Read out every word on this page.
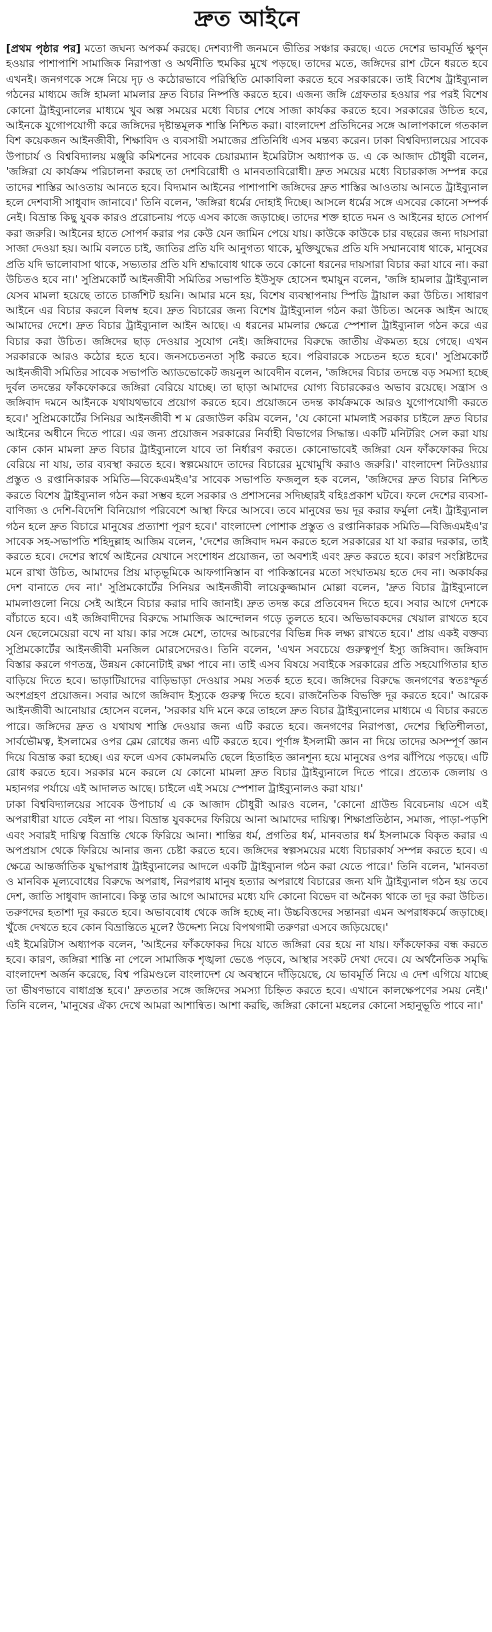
দ্রুত আইনে

[প্রথম পৃষ্ঠার পর] মতো জঘন্য অপকর্ম করছে। দেশব্যাপী জনমনে ভীতির সঞ্চার করছে। এতে দেশের ভাবমূর্তি ক্ষুণ্ন হওয়ার পাশাপাশি সামাজিক নিরাপত্তা ও অর্থনীতি হুমকির মুখে পড়ছে। তাদের মতে, জঙ্গিদের রাশ টেনে ধরতে হবে এখনই। জনগণকে সঙ্গে নিয়ে দৃঢ় ও কঠোরভাবে পরিস্থিতি মোকাবিলা করতে হবে সরকারকে। তাই বিশেষ ট্রাইব্যুনাল গঠনের মাধ্যমে জঙ্গি হামলা মামলার দ্রুত বিচার নিষ্পত্তি করতে হবে। এজন্য জঙ্গি গ্রেফতার হওয়ার পর পরই বিশেষ কোনো ট্রাইব্যুনালের মাধ্যমে খুব অল্প সময়ের মধ্যে বিচার শেষে সাজা কার্যকর করতে হবে। সরকারের উচিত হবে, আইনকে যুগোপযোগী করে জঙ্গিদের দৃষ্টান্তমূলক শাস্তি নিশ্চিত করা। বাংলাদেশ প্রতিদিনের সঙ্গে আলাপকালে গতকাল বিশ কয়েকজন আইনজীবী, শিক্ষাবিদ ও ব্যবসায়ী সমাজের প্রতিনিধি এসব মন্তব্য করেন। ঢাকা বিশ্ববিদ্যালয়ের সাবেক উপাচার্য ও বিশ্ববিদ্যালয় মঞ্জুরি কমিশনের সাবেক চেয়ারম্যান ইমেরিটাস অধ্যাপক ড. এ কে আজাদ চৌধুরী বলেন, 'জঙ্গিরা যে কার্যক্রম পরিচালনা করছে তা দেশবিরোধী ও মানবতাবিরোধী। দ্রুত সময়ের মধ্যে বিচারকাজ সম্পন্ন করে তাদের শাস্তির আওতায় আনতে হবে। বিদ্যমান আইনের পাশাপাশি জঙ্গিদের দ্রুত শাস্তির আওতায় আনতে ট্রাইব্যুনাল হলে দেশবাসী সাধুবাদ জানাবে।' তিনি বলেন, 'জঙ্গিরা ধর্মের দোহাই দিচ্ছে। আসলে ধর্মের সঙ্গে এসবের কোনো সম্পর্ক নেই। বিভ্রান্ত কিছু যুবক কারও প্ররোচনায় পড়ে এসব কাজে জড়াচ্ছে। তাদের শক্ত হাতে দমন ও আইনের হাতে সোপর্দ করা জরুরি। আইনের হাতে সোপর্দ করার পর কেউ যেন জামিন পেয়ে যায়। কাউকে কাউকে চার বছরের জন্য দায়সারা সাজা দেওয়া হয়। আমি বলতে চাই, জাতির প্রতি যদি আনুগত্য থাকে, মুক্তিযুদ্ধের প্রতি যদি সম্মানবোধ থাকে, মানুষের প্রতি যদি ভালোবাসা থাকে, সভ্যতার প্রতি যদি শ্রদ্ধাবোধ থাকে তবে কোনো ধরনের দায়সারা বিচার করা যাবে না। করা উচিতও হবে না।' সুপ্রিমকোর্ট আইনজীবী সমিতির সভাপতি ইউসুফ হোসেন হুমায়ুন বলেন, 'জঙ্গি হামলার ট্রাইব্যুনাল যেসব মামলা হয়েছে তাতে চার্জশিট হয়নি। আমার মনে হয়, বিশেষ ব্যবস্থাপনায় স্পিডি ট্রায়াল করা উচিত। সাধারণ আইনে এর বিচার করলে বিলম্ব হবে। দ্রুত বিচারের জন্য বিশেষ ট্রাইব্যুনাল গঠন করা উচিত। অনেক আইন আছে আমাদের দেশে। দ্রুত বিচার ট্রাইব্যুনাল আইন আছে। এ ধরনের মামলার ক্ষেত্রে স্পেশাল ট্রাইব্যুনাল গঠন করে এর বিচার করা উচিত। জঙ্গিদের ছাড় দেওয়ার সুযোগ নেই। জঙ্গিবাদের বিরুদ্ধে জাতীয় ঐকমত্য হয়ে গেছে। এখন সরকারকে আরও কঠোর হতে হবে। জনসচেতনতা সৃষ্টি করতে হবে। পরিবারকে সচেতন হতে হবে।' সুপ্রিমকোর্ট আইনজীবী সমিতির সাবেক সভাপতি অ্যাডভোকেট জয়নুল আবেদীন বলেন, 'জঙ্গিদের বিচার তদন্তে বড় সমস্যা হচ্ছে দুর্বল তদন্তের ফাঁকফোকরে জঙ্গিরা বেরিয়ে যাচ্ছে। তা ছাড়া আমাদের যোগ্য বিচারকেরও অভাব রয়েছে। সন্ত্রাস ও জঙ্গিবাদ দমনে আইনকে যথাযথভাবে প্রয়োগ করতে হবে। প্রয়োজনে তদন্ত কার্যক্রমকে আরও যুগোপযোগী করতে হবে।' সুপ্রিমকোর্টের সিনিয়র আইনজীবী শ ম রেজাউল করিম বলেন, 'যে কোনো মামলাই সরকার চাইলে দ্রুত বিচার আইনের অধীনে দিতে পারে। এর জন্য প্রয়োজন সরকারের নির্বাহী বিভাগের সিদ্ধান্ত। একটি মনিটরিং সেল করা যায় কোন কোন মামলা দ্রুত বিচার ট্রাইব্যুনালে যাবে তা নির্ধারণ করতে। কোনোভাবেই জঙ্গিরা যেন ফাঁকফোকর দিয়ে বেরিয়ে না যায়, তার ব্যবস্থা করতে হবে। স্বল্পমেয়াদে তাদের বিচারের মুখোমুখি করাও জরুরি।' বাংলাদেশ নিটওয়্যার প্রস্তুত ও রপ্তানিকারক সমিতি—বিকেএমইএ'র সাবেক সভাপতি ফজলুল হক বলেন, 'জঙ্গিদের দ্রুত বিচার নিশ্চিত করতে বিশেষ ট্রাইব্যুনাল গঠন করা সম্ভব হলে সরকার ও প্রশাসনের সদিচ্ছারই বহিঃপ্রকাশ ঘটবে। ফলে দেশের ব্যবসা-বাণিজ্য ও দেশি-বিদেশি বিনিয়োগ পরিবেশে আস্থা ফিরে আসবে। তবে মানুষের ভয় দূর করার ফর্মুলা নেই। ট্রাইব্যুনাল গঠন হলে দ্রুত বিচারে মানুষের প্রত্যাশা পূরণ হবে।' বাংলাদেশ পোশাক প্রস্তুত ও রপ্তানিকারক সমিতি—বিজিএমইএ'র সাবেক সহ-সভাপতি শহিদুল্লাহ আজিম বলেন, 'দেশের জঙ্গিবাদ দমন করতে হলে সরকারের যা যা করার দরকার, তাই করতে হবে। দেশের স্বার্থে আইনের যেখানে সংশোধন প্রয়োজন, তা অবশ্যই এবং দ্রুত করতে হবে। কারণ সংশ্লিষ্টদের মনে রাখা উচিত, আমাদের প্রিয় মাতৃভূমিকে আফগানিস্তান বা পাকিস্তানের মতো সংঘাতময় হতে দেব না। অকার্যকর দেশ বানাতে দেব না।' সুপ্রিমকোর্টের সিনিয়র আইনজীবী লায়েকুজ্জামান মোল্লা বলেন, 'দ্রুত বিচার ট্রাইব্যুনালে মামলাগুলো নিয়ে সেই আইনে বিচার করার দাবি জানাই। দ্রুত তদন্ত করে প্রতিবেদন দিতে হবে। সবার আগে দেশকে বাঁচাতে হবে। এই জঙ্গিবাদীদের বিরুদ্ধে সামাজিক আন্দোলন গড়ে তুলতে হবে। অভিভাবকদের খেয়াল রাখতে হবে যেন ছেলেমেয়েরা বখে না যায়। কার সঙ্গে মেশে, তাদের আচরণের বিভিন্ন দিক লক্ষ্য রাখতে হবে।' প্রায় একই বক্তব্য সুপ্রিমকোর্টের আইনজীবী মনজিল মোরসেদেরও। তিনি বলেন, 'এখন সবচেয়ে গুরুত্বপূর্ণ ইস্যু জঙ্গিবাদ। জঙ্গিবাদ বিস্তার করলে গণতন্ত্র, উন্নয়ন কোনোটাই রক্ষা পাবে না। তাই এসব বিষয়ে সবাইকে সরকারের প্রতি সহযোগিতার হাত বাড়িয়ে দিতে হবে। ভাড়াটিয়াদের বাড়িভাড়া দেওয়ার সময় সতর্ক হতে হবে। জঙ্গিদের বিরুদ্ধে জনগণের স্বতঃস্ফূর্ত অংশগ্রহণ প্রয়োজন। সবার আগে জঙ্গিবাদ ইস্যুকে গুরুত্ব দিতে হবে। রাজনৈতিক বিভক্তি দূর করতে হবে।' আরেক আইনজীবী আনোয়ার হোসেন বলেন, 'সরকার যদি মনে করে তাহলে দ্রুত বিচার ট্রাইব্যুনালের মাধ্যমে এ বিচার করতে পারে। জঙ্গিদের দ্রুত ও যথাযথ শাস্তি দেওয়ার জন্য এটি করতে হবে। জনগণের নিরাপত্তা, দেশের স্থিতিশীলতা, সার্বভৌমত্ব, ইসলামের ওপর ব্লেম রোধের জন্য এটি করতে হবে। পূর্ণাঙ্গ ইসলামী জ্ঞান না দিয়ে তাদের অসম্পূর্ণ জ্ঞান দিয়ে বিভ্রান্ত করা হচ্ছে। এর ফলে এসব কোমলমতি ছেলে হিতাহিত জ্ঞানশূন্য হয়ে মানুষের ওপর ঝাঁপিয়ে পড়ছে। এটি রোধ করতে হবে। সরকার মনে করলে যে কোনো মামলা দ্রুত বিচার ট্রাইব্যুনালে দিতে পারে। প্রত্যেক জেলায় ও মহানগর পর্যায়ে এই আদালত আছে। চাইলে এই সময়ে স্পেশাল ট্রাইব্যুনালও করা যায়।'

ঢাকা বিশ্ববিদ্যালয়ের সাবেক উপাচার্য এ কে আজাদ চৌধুরী আরও বলেন, 'কোনো গ্রাউন্ড বিবেচনায় এসে এই অপরাধীরা যাতে বেইল না পায়। বিভ্রান্ত যুবকদের ফিরিয়ে আনা আমাদের দায়িত্ব। শিক্ষাপ্রতিষ্ঠান, সমাজ, পাড়া-পড়শি এবং সবারই দায়িত্ব বিভ্রান্তি থেকে ফিরিয়ে আনা। শান্তির ধর্ম, প্রগতির ধর্ম, মানবতার ধর্ম ইসলামকে বিকৃত করার এ অপপ্রয়াস থেকে ফিরিয়ে আনার জন্য চেষ্টা করতে হবে। জঙ্গিদের স্বল্পসময়ের মধ্যে বিচারকার্য সম্পন্ন করতে হবে। এ ক্ষেত্রে আন্তর্জাতিক যুদ্ধাপরাধ ট্রাইব্যুনালের আদলে একটি ট্রাইব্যুনাল গঠন করা যেতে পারে।' তিনি বলেন, 'মানবতা ও মানবিক মূল্যবোধের বিরুদ্ধে অপরাধ, নিরপরাধ মানুষ হত্যার অপরাধে বিচারের জন্য যদি ট্রাইব্যুনাল গঠন হয় তবে দেশ, জাতি সাধুবাদ জানাবে। কিন্তু তার আগে আমাদের মধ্যে যদি কোনো বিভেদ বা অনৈক্য থাকে তা দূর করা উচিত। তরুণদের হতাশা দূর করতে হবে। অভাববোধ থেকে জঙ্গি হচ্ছে না। উচ্চবিত্তদের সন্তানরা এমন অপরাধকর্মে জড়াচ্ছে। খুঁজে দেখতে হবে কোন বিভ্রান্তিতে মূলে? উদ্দেশ্য নিয়ে বিপথগামী তরুণরা এসবে জড়িয়েছে।'

এই ইমেরিটাস অধ্যাপক বলেন, 'আইনের ফাঁকফোকর দিয়ে যাতে জঙ্গিরা বের হয়ে না যায়। ফাঁকফোকর বন্ধ করতে হবে। কারণ, জঙ্গিরা শাস্তি না পেলে সামাজিক শৃঙ্খলা ভেঙে পড়বে, আস্থার সংকট দেখা দেবে। যে অর্থনৈতিক সমৃদ্ধি বাংলাদেশ অর্জন করেছে, বিশ্ব পরিমণ্ডলে বাংলাদেশ যে অবস্থানে দাঁড়িয়েছে, যে ভাবমূর্তি নিয়ে এ দেশ এগিয়ে যাচ্ছে তা ভীষণভাবে বাধাগ্রস্ত হবে।' দ্রুততার সঙ্গে জঙ্গিদের সমস্যা চিহ্নিত করতে হবে। এখানে কালক্ষেপণের সময় নেই।' তিনি বলেন, 'মানুষের ঐক্য দেখে আমরা আশান্বিত। আশা করছি, জঙ্গিরা কোনো মহলের কোনো সহানুভূতি পাবে না।'
